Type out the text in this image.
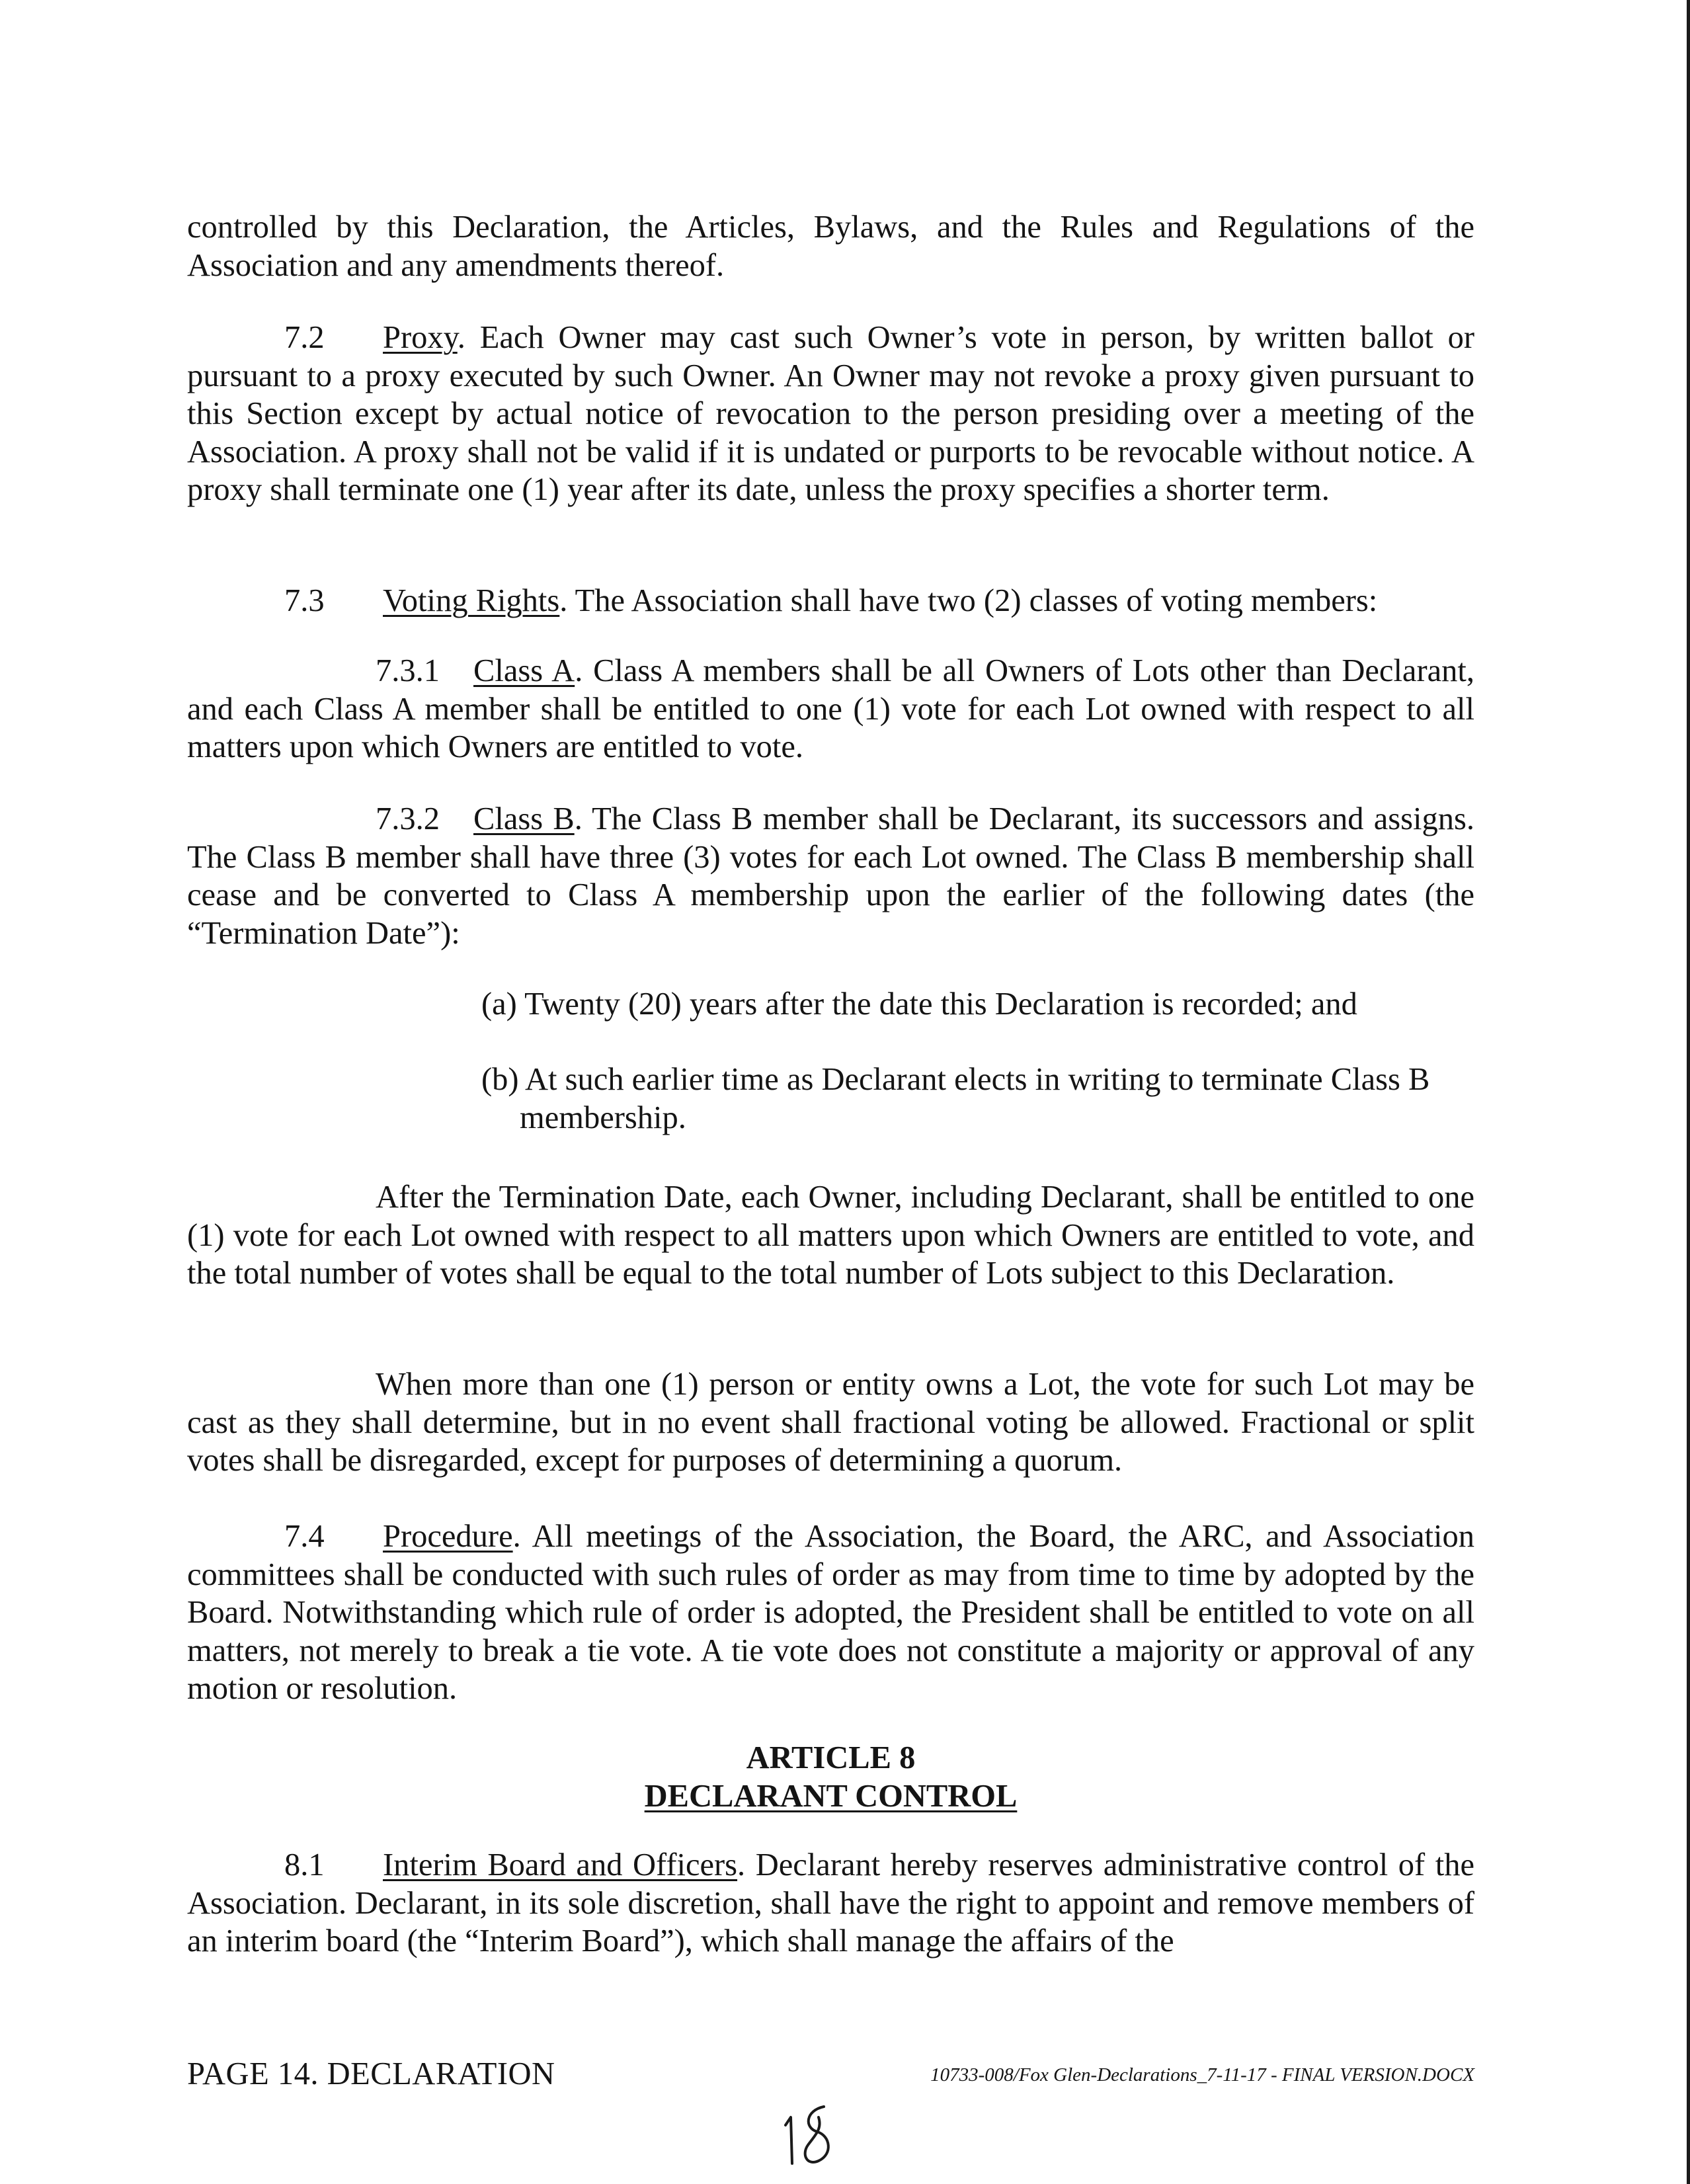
controlled by this Declaration, the Articles, Bylaws, and the Rules and Regulations of the Association and any amendments thereof.

7.2 Proxy. Each Owner may cast such Owner’s vote in person, by written ballot or pursuant to a proxy executed by such Owner. An Owner may not revoke a proxy given pursuant to this Section except by actual notice of revocation to the person presiding over a meeting of the Association. A proxy shall not be valid if it is undated or purports to be revocable without notice. A proxy shall terminate one (1) year after its date, unless the proxy specifies a shorter term.

7.3 Voting Rights. The Association shall have two (2) classes of voting members:

7.3.1 Class A. Class A members shall be all Owners of Lots other than Declarant, and each Class A member shall be entitled to one (1) vote for each Lot owned with respect to all matters upon which Owners are entitled to vote.

7.3.2 Class B. The Class B member shall be Declarant, its successors and assigns. The Class B member shall have three (3) votes for each Lot owned. The Class B membership shall cease and be converted to Class A membership upon the earlier of the following dates (the “Termination Date”):

(a) Twenty (20) years after the date this Declaration is recorded; and

(b) At such earlier time as Declarant elects in writing to terminate Class B membership.

After the Termination Date, each Owner, including Declarant, shall be entitled to one (1) vote for each Lot owned with respect to all matters upon which Owners are entitled to vote, and the total number of votes shall be equal to the total number of Lots subject to this Declaration.

When more than one (1) person or entity owns a Lot, the vote for such Lot may be cast as they shall determine, but in no event shall fractional voting be allowed. Fractional or split votes shall be disregarded, except for purposes of determining a quorum.

7.4 Procedure. All meetings of the Association, the Board, the ARC, and Association committees shall be conducted with such rules of order as may from time to time by adopted by the Board. Notwithstanding which rule of order is adopted, the President shall be entitled to vote on all matters, not merely to break a tie vote. A tie vote does not constitute a majority or approval of any motion or resolution.

ARTICLE 8
DECLARANT CONTROL

8.1 Interim Board and Officers. Declarant hereby reserves administrative control of the Association. Declarant, in its sole discretion, shall have the right to appoint and remove members of an interim board (the “Interim Board”), which shall manage the affairs of the

PAGE 14. DECLARATION	10733-008/Fox Glen-Declarations_7-11-17 - FINAL VERSION.DOCX
